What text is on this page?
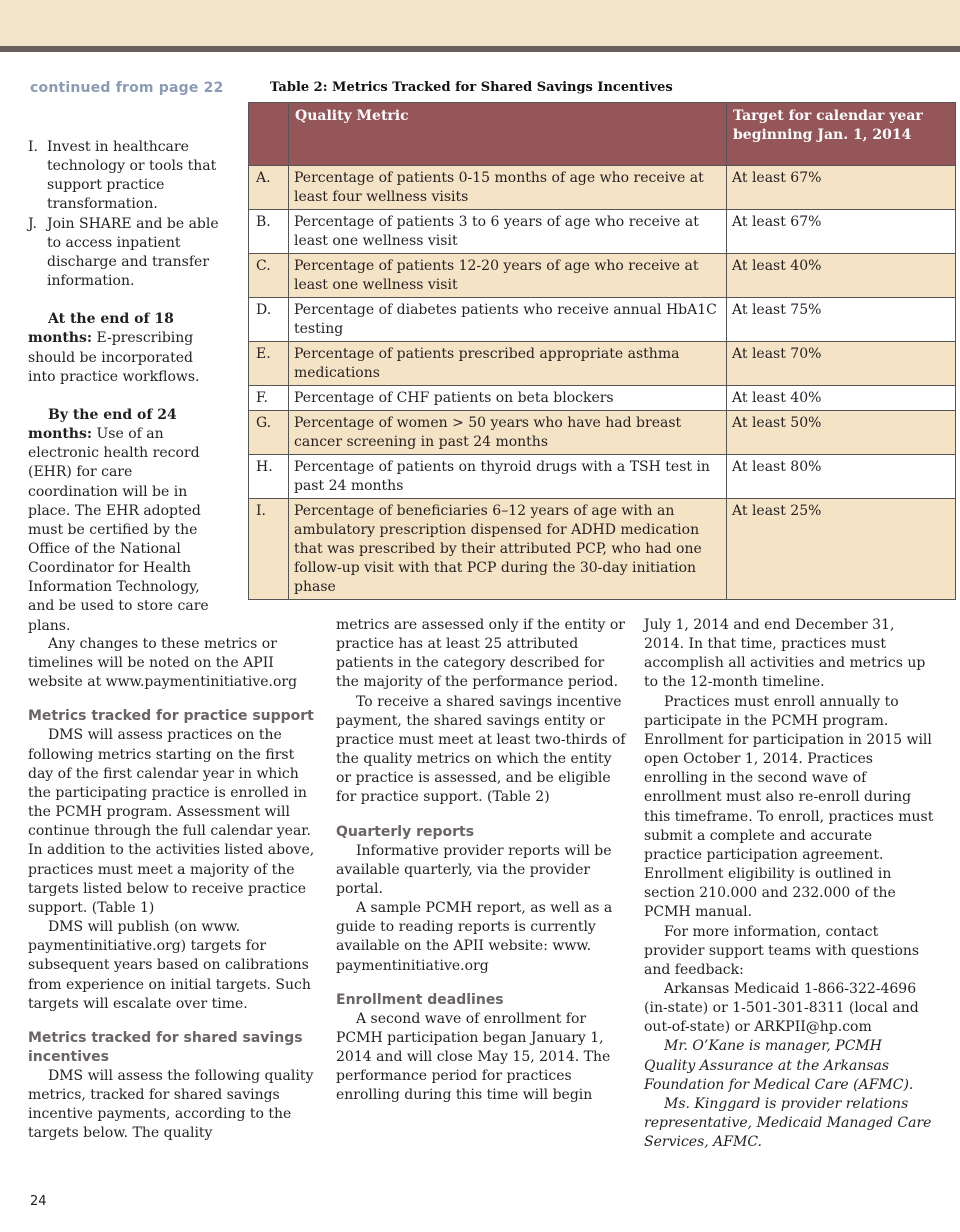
continued from page 22	Table 2: Metrics Tracked for Shared Savings Incentives
	Quality Metric	Target for calendar year beginning Jan. 1, 2014
A.	Percentage of patients 0-15 months of age who receive at least four wellness visits	At least 67%
B.	Percentage of patients 3 to 6 years of age who receive at least one wellness visit	At least 67%
C.	Percentage of patients 12-20 years of age who receive at least one wellness visit	At least 40%
D.	Percentage of diabetes patients who receive annual HbA1C testing	At least 75%
E.	Percentage of patients prescribed appropriate asthma medications	At least 70%
F.	Percentage of CHF patients on beta blockers	At least 40%
G.	Percentage of women > 50 years who have had breast cancer screening in past 24 months	At least 50%
H.	Percentage of patients on thyroid drugs with a TSH test in past 24 months	At least 80%
I.	Percentage of beneficiaries 6–12 years of age with an ambulatory prescription dispensed for ADHD medication that was prescribed by their attributed PCP, who had one follow-up visit with that PCP during the 30-day initiation phase	At least 25%
I. Invest in healthcare technology or tools that support practice transformation.
J. Join SHARE and be able to access inpatient discharge and transfer information.

At the end of 18 months: E-prescribing should be incorporated into practice workflows.

By the end of 24 months: Use of an electronic health record (EHR) for care coordination will be in place. The EHR adopted must be certified by the Office of the National Coordinator for Health Information Technology, and be used to store care plans.

Any changes to these metrics or timelines will be noted on the APII website at www.paymentinitiative.org

Metrics tracked for practice support

DMS will assess practices on the following metrics starting on the first day of the first calendar year in which the participating practice is enrolled in the PCMH program. Assessment will continue through the full calendar year. In addition to the activities listed above, practices must meet a majority of the targets listed below to receive practice support. (Table 1)

DMS will publish (on www. paymentinitiative.org) targets for subsequent years based on calibrations from experience on initial targets. Such targets will escalate over time.

Metrics tracked for shared savings incentives

DMS will assess the following quality metrics, tracked for shared savings incentive payments, according to the targets below. The quality

metrics are assessed only if the entity or practice has at least 25 attributed patients in the category described for the majority of the performance period.

To receive a shared savings incentive payment, the shared savings entity or practice must meet at least two-thirds of the quality metrics on which the entity or practice is assessed, and be eligible for practice support. (Table 2)

Quarterly reports

Informative provider reports will be available quarterly, via the provider portal.

A sample PCMH report, as well as a guide to reading reports is currently available on the APII website: www. paymentinitiative.org

Enrollment deadlines

A second wave of enrollment for PCMH participation began January 1, 2014 and will close May 15, 2014. The performance period for practices enrolling during this time will begin

July 1, 2014 and end December 31, 2014. In that time, practices must accomplish all activities and metrics up to the 12-month timeline.

Practices must enroll annually to participate in the PCMH program. Enrollment for participation in 2015 will open October 1, 2014. Practices enrolling in the second wave of enrollment must also re-enroll during this timeframe. To enroll, practices must submit a complete and accurate practice participation agreement. Enrollment eligibility is outlined in section 210.000 and 232.000 of the PCMH manual.

For more information, contact provider support teams with questions and feedback:

Arkansas Medicaid 1-866-322-4696 (in-state) or 1-501-301-8311 (local and out-of-state) or ARKPII@hp.com

Mr. O’Kane is manager, PCMH Quality Assurance at the Arkansas Foundation for Medical Care (AFMC).

Ms. Kinggard is provider relations representative, Medicaid Managed Care Services, AFMC.

24
